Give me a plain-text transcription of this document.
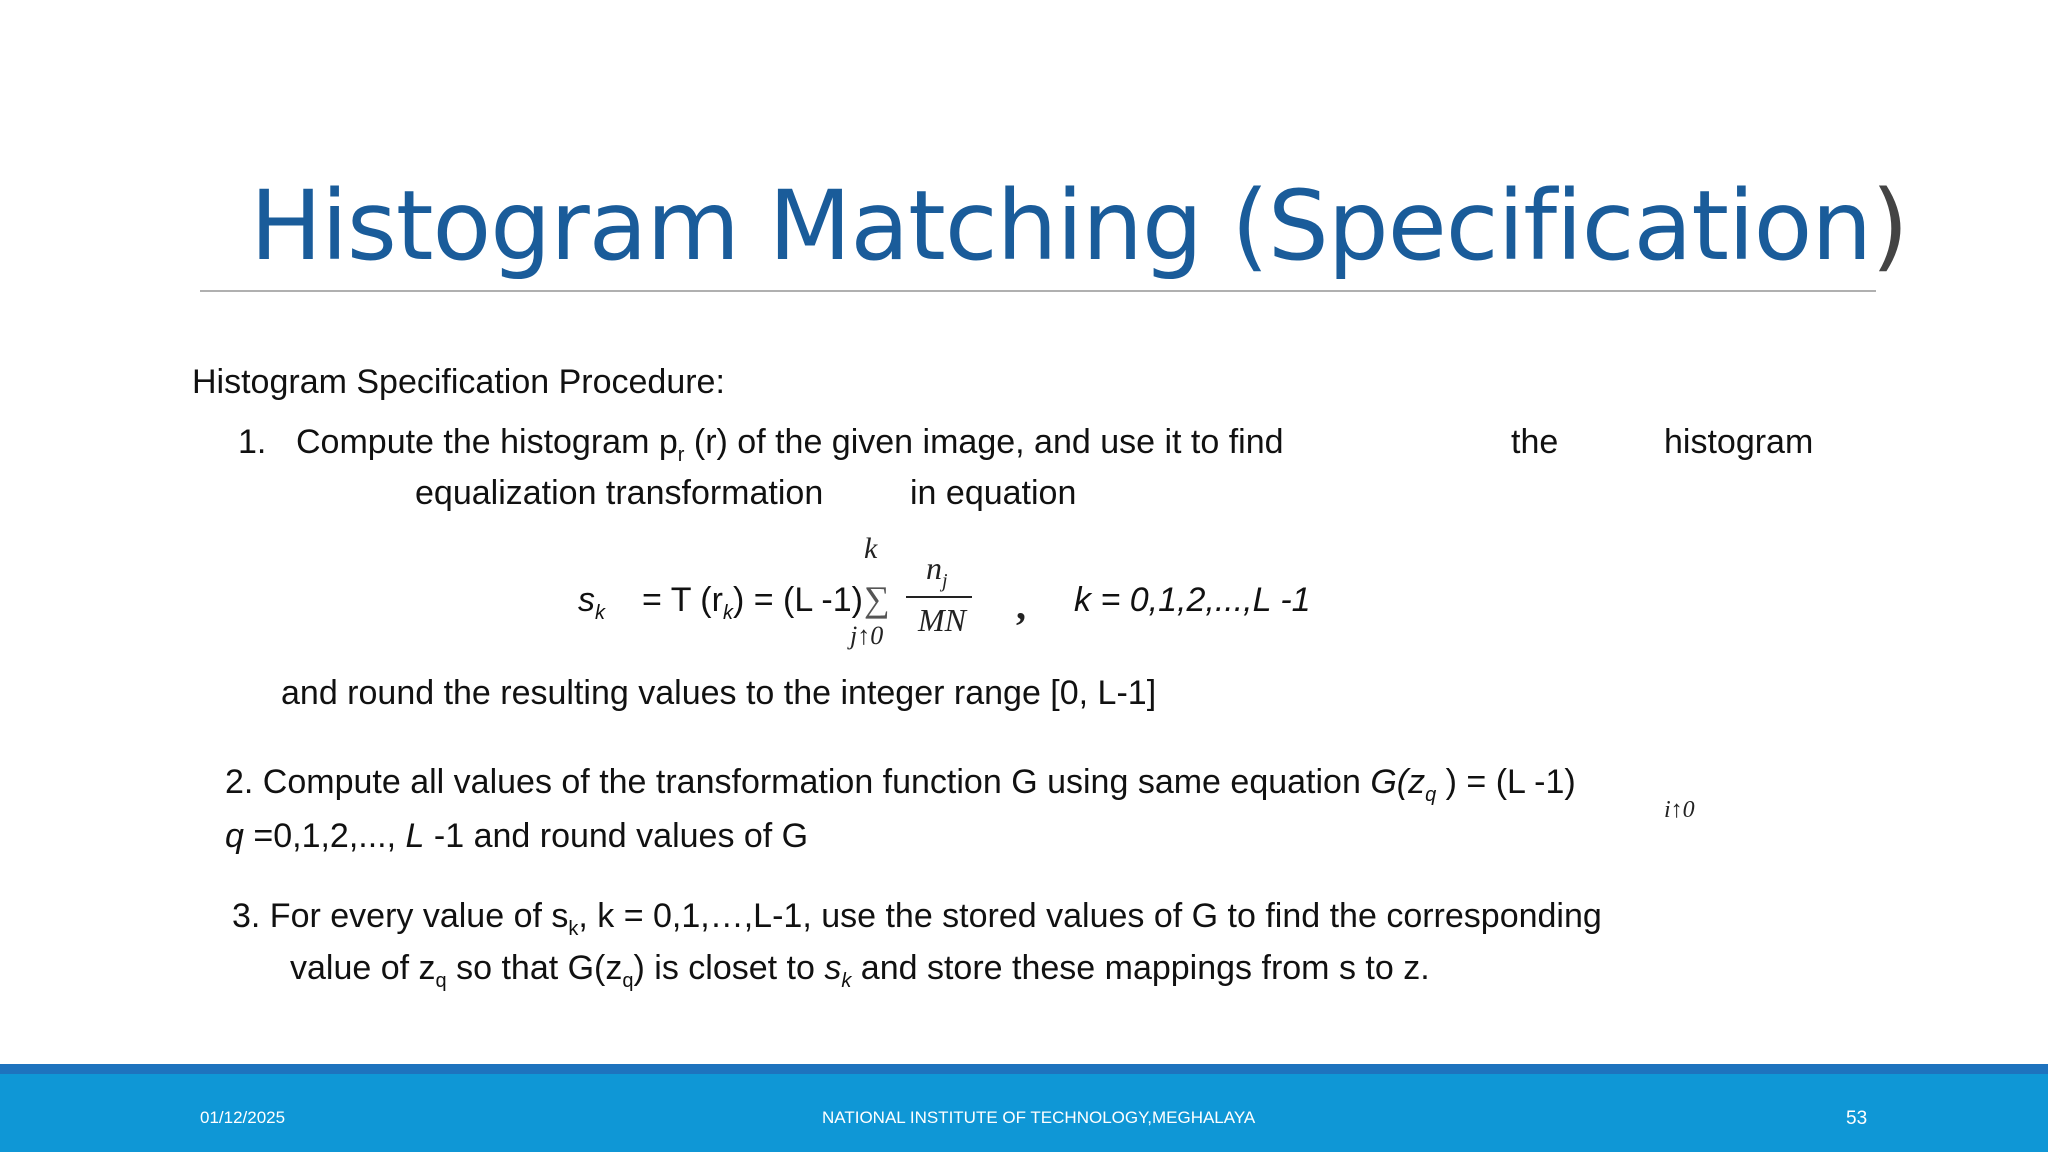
Histogram Matching (Specification)
Histogram Specification Procedure:
1. Compute the histogram $p_r$ (r) of the given image, and use it to find	the	histogram
equalization transformation	in equation
$s_k = T$ $(r_k) = (L$ -1)
k
∑
j↑0
$n_j$
MN , k = 0,1,2,...,L -1
and round the resulting values to the integer range [0, L-1]
2. Compute all values of the transformation function G using same equation $G(z_q$ ) = (L -1)
i↑0
q =0,1,2,..., L -1 and round values of G
3. For every value of $s_k$, k = 0,1,…,L-1, use the stored values of G to find the corresponding
value of $z_q$ so that $G(z_q)$ is closet to $s_k$ and store these mappings from s to z.
01/12/2025	NATIONAL INSTITUTE OF TECHNOLOGY,MEGHALAYA	53
